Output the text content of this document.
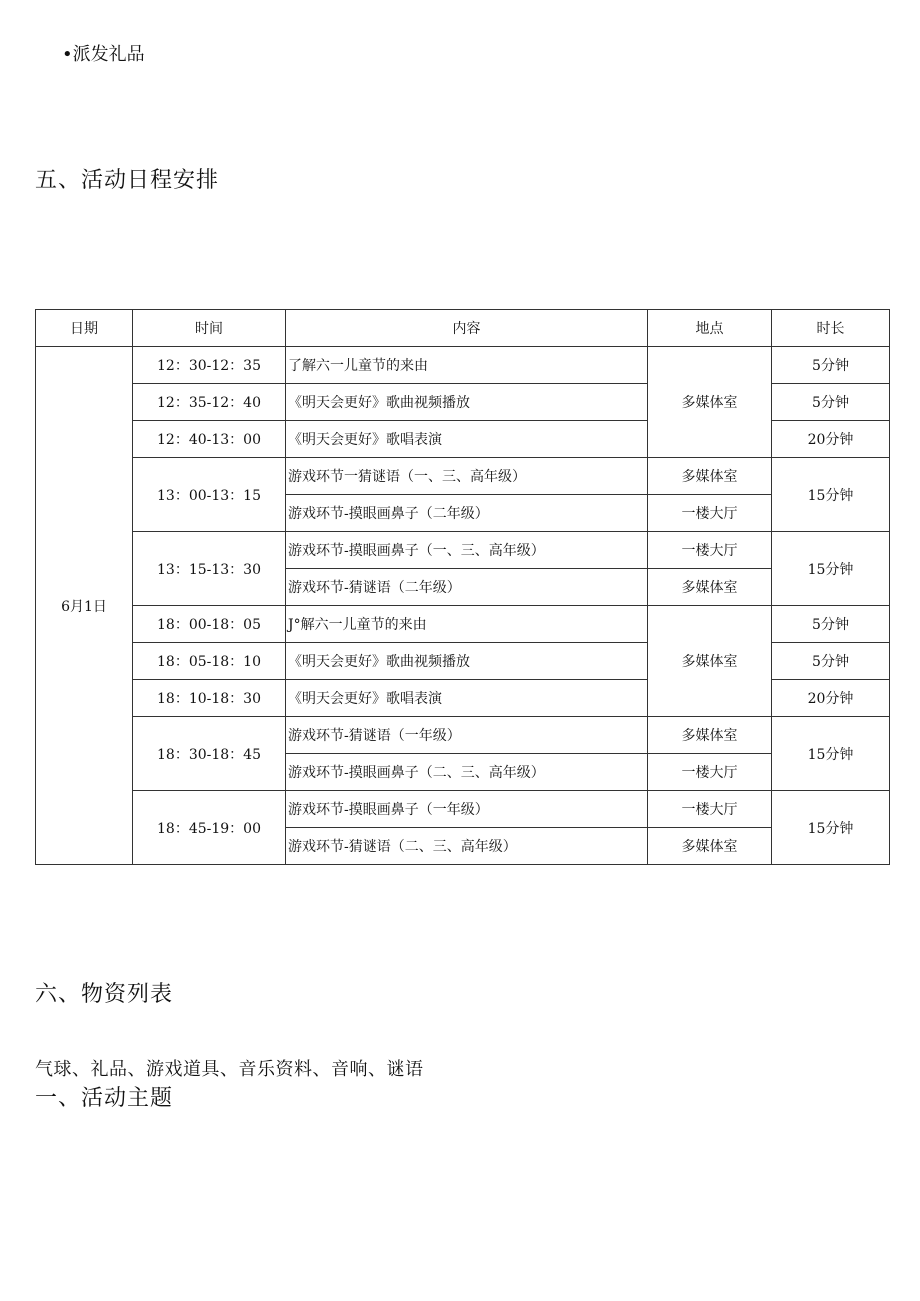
•派发礼品
五、活动日程安排
日期	时间	内容	地点	时长
6月1日	12：30-12：35	了解六一儿童节的来由	多媒体室	5分钟
	12：35-12：40	《明天会更好》歌曲视频播放		5分钟
	12：40-13：00	《明天会更好》歌唱表演		20分钟
	13：00-13：15	游戏环节一猜谜语（一、三、高年级）	多媒体室	15分钟
		游戏环节-摸眼画鼻子（二年级）	一楼大厅	
	13：15-13：30	游戏环节-摸眼画鼻子（一、三、高年级）	一楼大厅	15分钟
		游戏环节-猜谜语（二年级）	多媒体室	
	18：00-18：05	J°解六一儿童节的来由	多媒体室	5分钟
	18：05-18：10	《明天会更好》歌曲视频播放		5分钟
	18：10-18：30	《明天会更好》歌唱表演		20分钟
	18：30-18：45	游戏环节-猜谜语（一年级）	多媒体室	15分钟
		游戏环节-摸眼画鼻子（二、三、高年级）	一楼大厅	
	18：45-19：00	游戏环节-摸眼画鼻子（一年级）	一楼大厅	15分钟
		游戏环节-猜谜语（二、三、高年级）	多媒体室	
六、物资列表
气球、礼品、游戏道具、音乐资料、音响、谜语
一、活动主题
